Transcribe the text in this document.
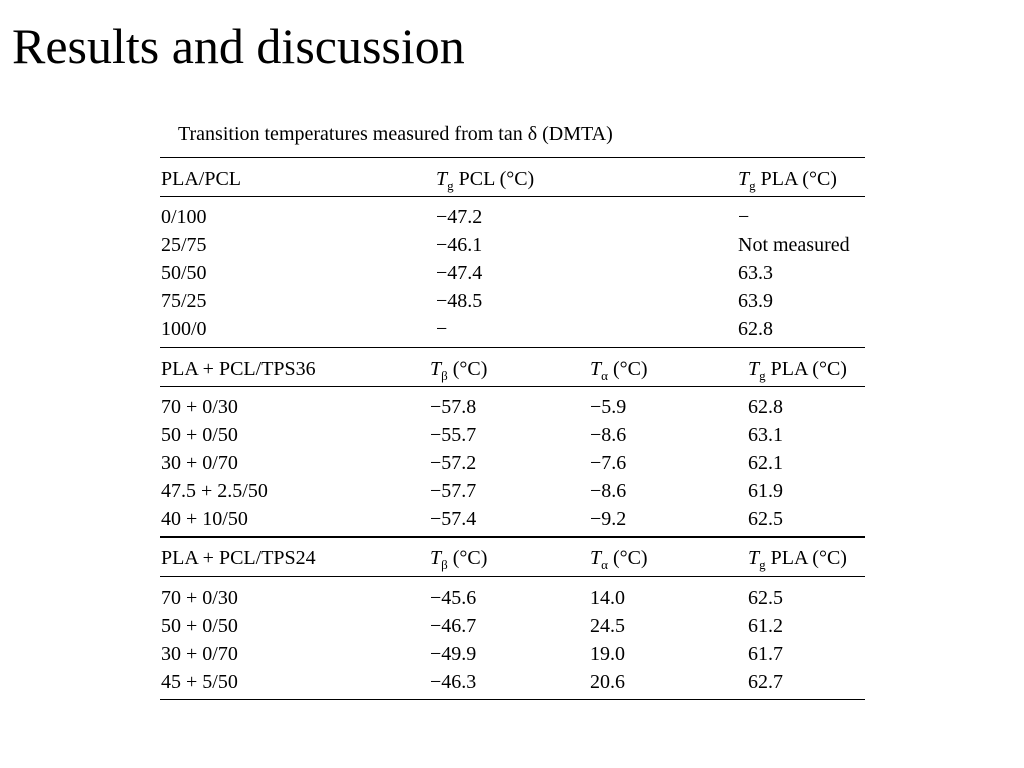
Results and discussion
Transition temperatures measured from tan δ (DMTA)
PLA/PCL	$T_g$ PCL (°C)	$T_g$ PLA (°C)
0/100	−47.2	−
25/75	−46.1	Not measured
50/50	−47.4	63.3
75/25	−48.5	63.9
100/0	−	62.8
PLA + PCL/TPS36	$T_\beta$ (°C)	$T_\alpha$ (°C)	$T_g$ PLA (°C)
70 + 0/30	−57.8	−5.9	62.8
50 + 0/50	−55.7	−8.6	63.1
30 + 0/70	−57.2	−7.6	62.1
47.5 + 2.5/50	−57.7	−8.6	61.9
40 + 10/50	−57.4	−9.2	62.5
PLA + PCL/TPS24	$T_\beta$ (°C)	$T_\alpha$ (°C)	$T_g$ PLA (°C)
70 + 0/30	−45.6	14.0	62.5
50 + 0/50	−46.7	24.5	61.2
30 + 0/70	−49.9	19.0	61.7
45 + 5/50	−46.3	20.6	62.7
